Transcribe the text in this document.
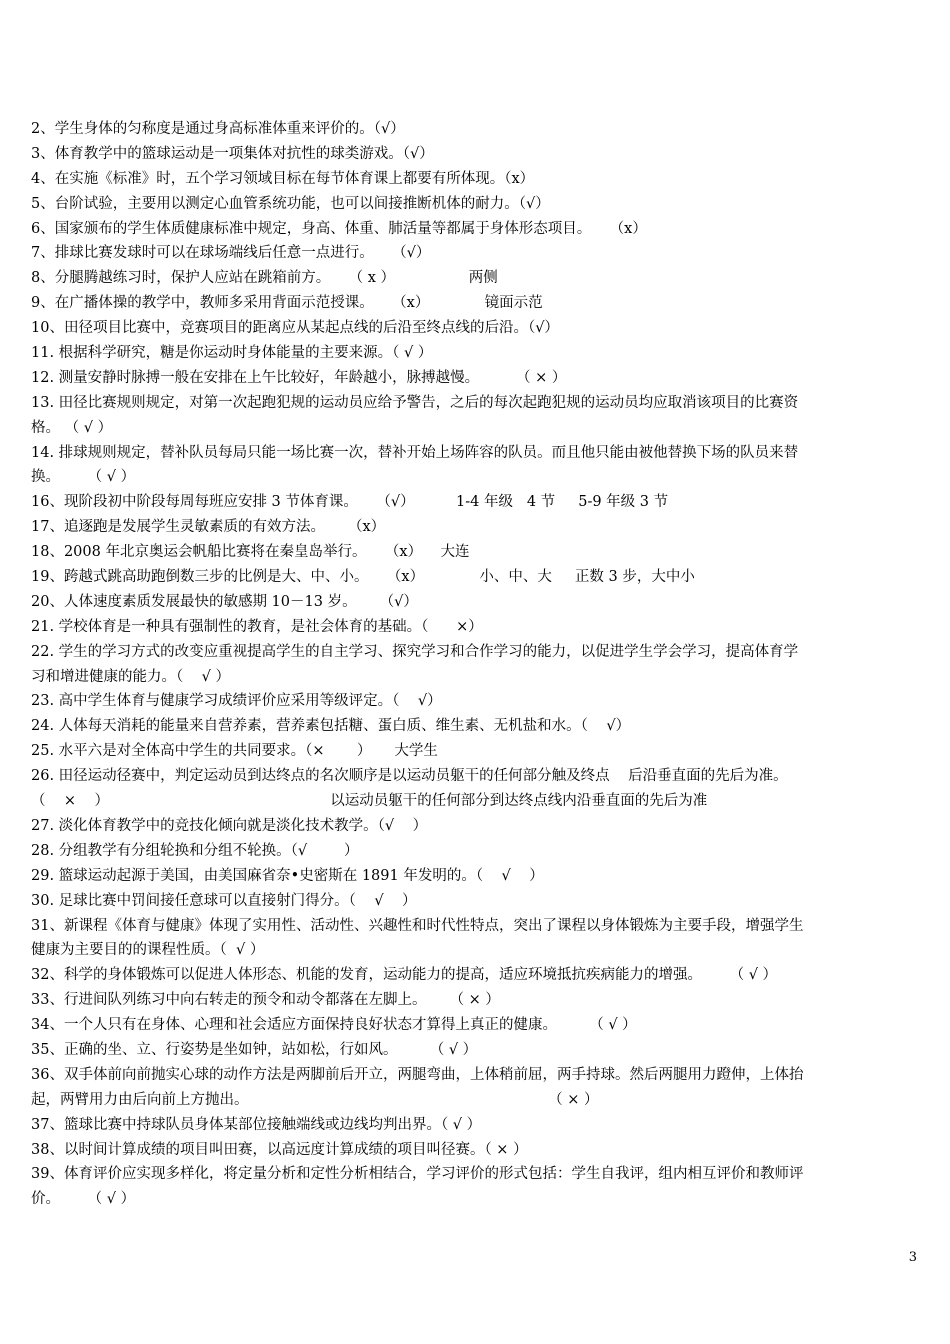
2、学生身体的匀称度是通过身高标准体重来评价的。（√）
3、体育教学中的篮球运动是一项集体对抗性的球类游戏。（√）
4、在实施《标准》时，五个学习领域目标在每节体育课上都要有所体现。（x）
5、台阶试验，主要用以测定心血管系统功能，也可以间接推断机体的耐力。（√）
6、国家颁布的学生体质健康标准中规定，身高、体重、肺活量等都属于身体形态项目。    （x）
7、排球比赛发球时可以在球场端线后任意一点进行。    （√）
8、分腿腾越练习时，保护人应站在跳箱前方。    （ x ）                两侧
9、在广播体操的教学中，教师多采用背面示范授课。    （x）            镜面示范
10、田径项目比赛中，竞赛项目的距离应从某起点线的后沿至终点线的后沿。（√）
11. 根据科学研究，糖是你运动时身体能量的主要来源。（ √ ）
12. 测量安静时脉搏一般在安排在上午比较好，年龄越小，脉搏越慢。        （ × ）
13. 田径比赛规则规定，对第一次起跑犯规的运动员应给予警告，之后的每次起跑犯规的运动员均应取消该项目的比赛资
格。 （ √ ）
14. 排球规则规定，替补队员每局只能一场比赛一次，替补开始上场阵容的队员。而且他只能由被他替换下场的队员来替
换。      （ √ ）
16、现阶段初中阶段每周每班应安排 3 节体育课。    （√）         1-4 年级   4 节     5-9 年级 3 节
17、追逐跑是发展学生灵敏素质的有效方法。     （x）
18、2008 年北京奥运会帆船比赛将在秦皇岛举行。    （x）    大连
19、跨越式跳高助跑倒数三步的比例是大、中、小。    （x）            小、中、大     正数 3 步，大中小
20、人体速度素质发展最快的敏感期 10－13 岁。     （√）
21. 学校体育是一种具有强制性的教育，是社会体育的基础。（      ×）
22. 学生的学习方式的改变应重视提高学生的自主学习、探究学习和合作学习的能力，以促进学生学会学习，提高体育学
习和增进健康的能力。（    √ ）
23. 高中学生体育与健康学习成绩评价应采用等级评定。（    √）
24. 人体每天消耗的能量来自营养素，营养素包括糖、蛋白质、维生素、无机盐和水。（    √）
25. 水平六是对全体高中学生的共同要求。（×       ）     大学生
26. 田径运动径赛中，判定运动员到达终点的名次顺序是以运动员躯干的任何部分触及终点    后沿垂直面的先后为准。
（    ×    ）                                                以运动员躯干的任何部分到达终点线内沿垂直面的先后为准
27. 淡化体育教学中的竞技化倾向就是淡化技术教学。（√    ）
28. 分组教学有分组轮换和分组不轮换。（√        ）
29. 篮球运动起源于美国，由美国麻省奈•史密斯在 1891 年发明的。（    √    ）
30. 足球比赛中罚间接任意球可以直接射门得分。（    √    ）
31、新课程《体育与健康》体现了实用性、活动性、兴趣性和时代性特点，突出了课程以身体锻炼为主要手段，增强学生
健康为主要目的的课程性质。（  √ ）
32、科学的身体锻炼可以促进人体形态、机能的发育，运动能力的提高，适应环境抵抗疾病能力的增强。      （ √ ）
33、行进间队列练习中向右转走的预令和动令都落在左脚上。     （ × ）
34、一个人只有在身体、心理和社会适应方面保持良好状态才算得上真正的健康。       （ √ ）
35、正确的坐、立、行姿势是坐如钟，站如松，行如风。       （ √ ）
36、双手体前向前抛实心球的动作方法是两脚前后开立，两腿弯曲，上体稍前屈，两手持球。然后两腿用力蹬伸，上体抬
起，两臂用力由后向前上方抛出。                                                                 （ × ）
37、篮球比赛中持球队员身体某部位接触端线或边线均判出界。（ √ ）
38、以时间计算成绩的项目叫田赛，以高远度计算成绩的项目叫径赛。（ × ）
39、体育评价应实现多样化，将定量分析和定性分析相结合，学习评价的形式包括：学生自我评，组内相互评价和教师评
价。      （ √ ）
3
